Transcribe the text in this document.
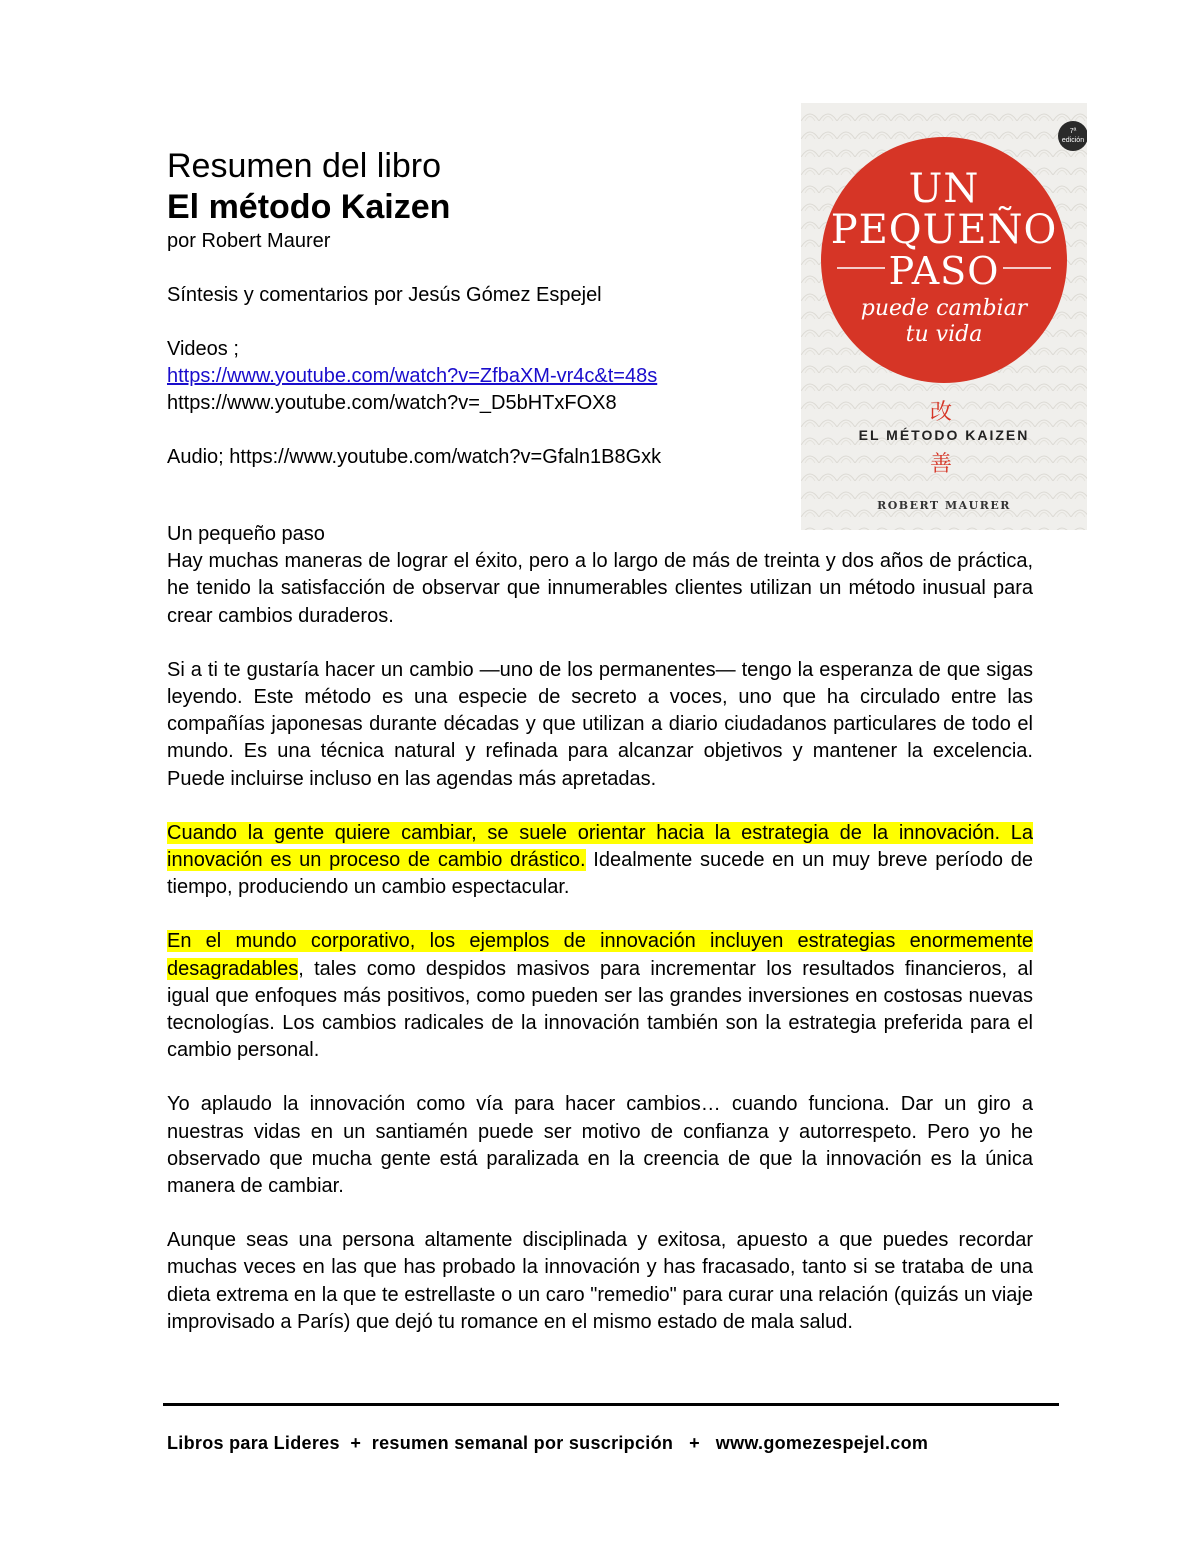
Resumen del libro
El método Kaizen

por Robert Maurer

Síntesis y comentarios por Jesús Gómez Espejel

Videos ;

https://www.youtube.com/watch?v=ZfbaXM-vr4c&t=48s

https://www.youtube.com/watch?v=_D5bHTxFOX8

Audio; https://www.youtube.com/watch?v=Gfaln1B8Gxk

7ª edición
UN
PEQUEÑO
PASO
puede cambiar
tu vida
改
EL MÉTODO KAIZEN
善
ROBERT MAURER

Un pequeño paso

Hay muchas maneras de lograr el éxito, pero a lo largo de más de treinta y dos años de práctica, he tenido la satisfacción de observar que innumerables clientes utilizan un método inusual para crear cambios duraderos.

Si a ti te gustaría hacer un cambio —uno de los permanentes— tengo la esperanza de que sigas leyendo. Este método es una especie de secreto a voces, uno que ha circulado entre las compañías japonesas durante décadas y que utilizan a diario ciudadanos particulares de todo el mundo. Es una técnica natural y refinada para alcanzar objetivos y mantener la excelencia. Puede incluirse incluso en las agendas más apretadas.

Cuando la gente quiere cambiar, se suele orientar hacia la estrategia de la innovación. La innovación es un proceso de cambio drástico. Idealmente sucede en un muy breve período de tiempo, produciendo un cambio espectacular.

En el mundo corporativo, los ejemplos de innovación incluyen estrategias enormemente desagradables, tales como despidos masivos para incrementar los resultados financieros, al igual que enfoques más positivos, como pueden ser las grandes inversiones en costosas nuevas tecnologías. Los cambios radicales de la innovación también son la estrategia preferida para el cambio personal.

Yo aplaudo la innovación como vía para hacer cambios… cuando funciona. Dar un giro a nuestras vidas en un santiamén puede ser motivo de confianza y autorrespeto. Pero yo he observado que mucha gente está paralizada en la creencia de que la innovación es la única manera de cambiar.

Aunque seas una persona altamente disciplinada y exitosa, apuesto a que puedes recordar muchas veces en las que has probado la innovación y has fracasado, tanto si se trataba de una dieta extrema en la que te estrellaste o un caro "remedio" para curar una relación (quizás un viaje improvisado a París) que dejó tu romance en el mismo estado de mala salud.

Libros para Lideres  +  resumen semanal por suscripción   +   www.gomezespejel.com
